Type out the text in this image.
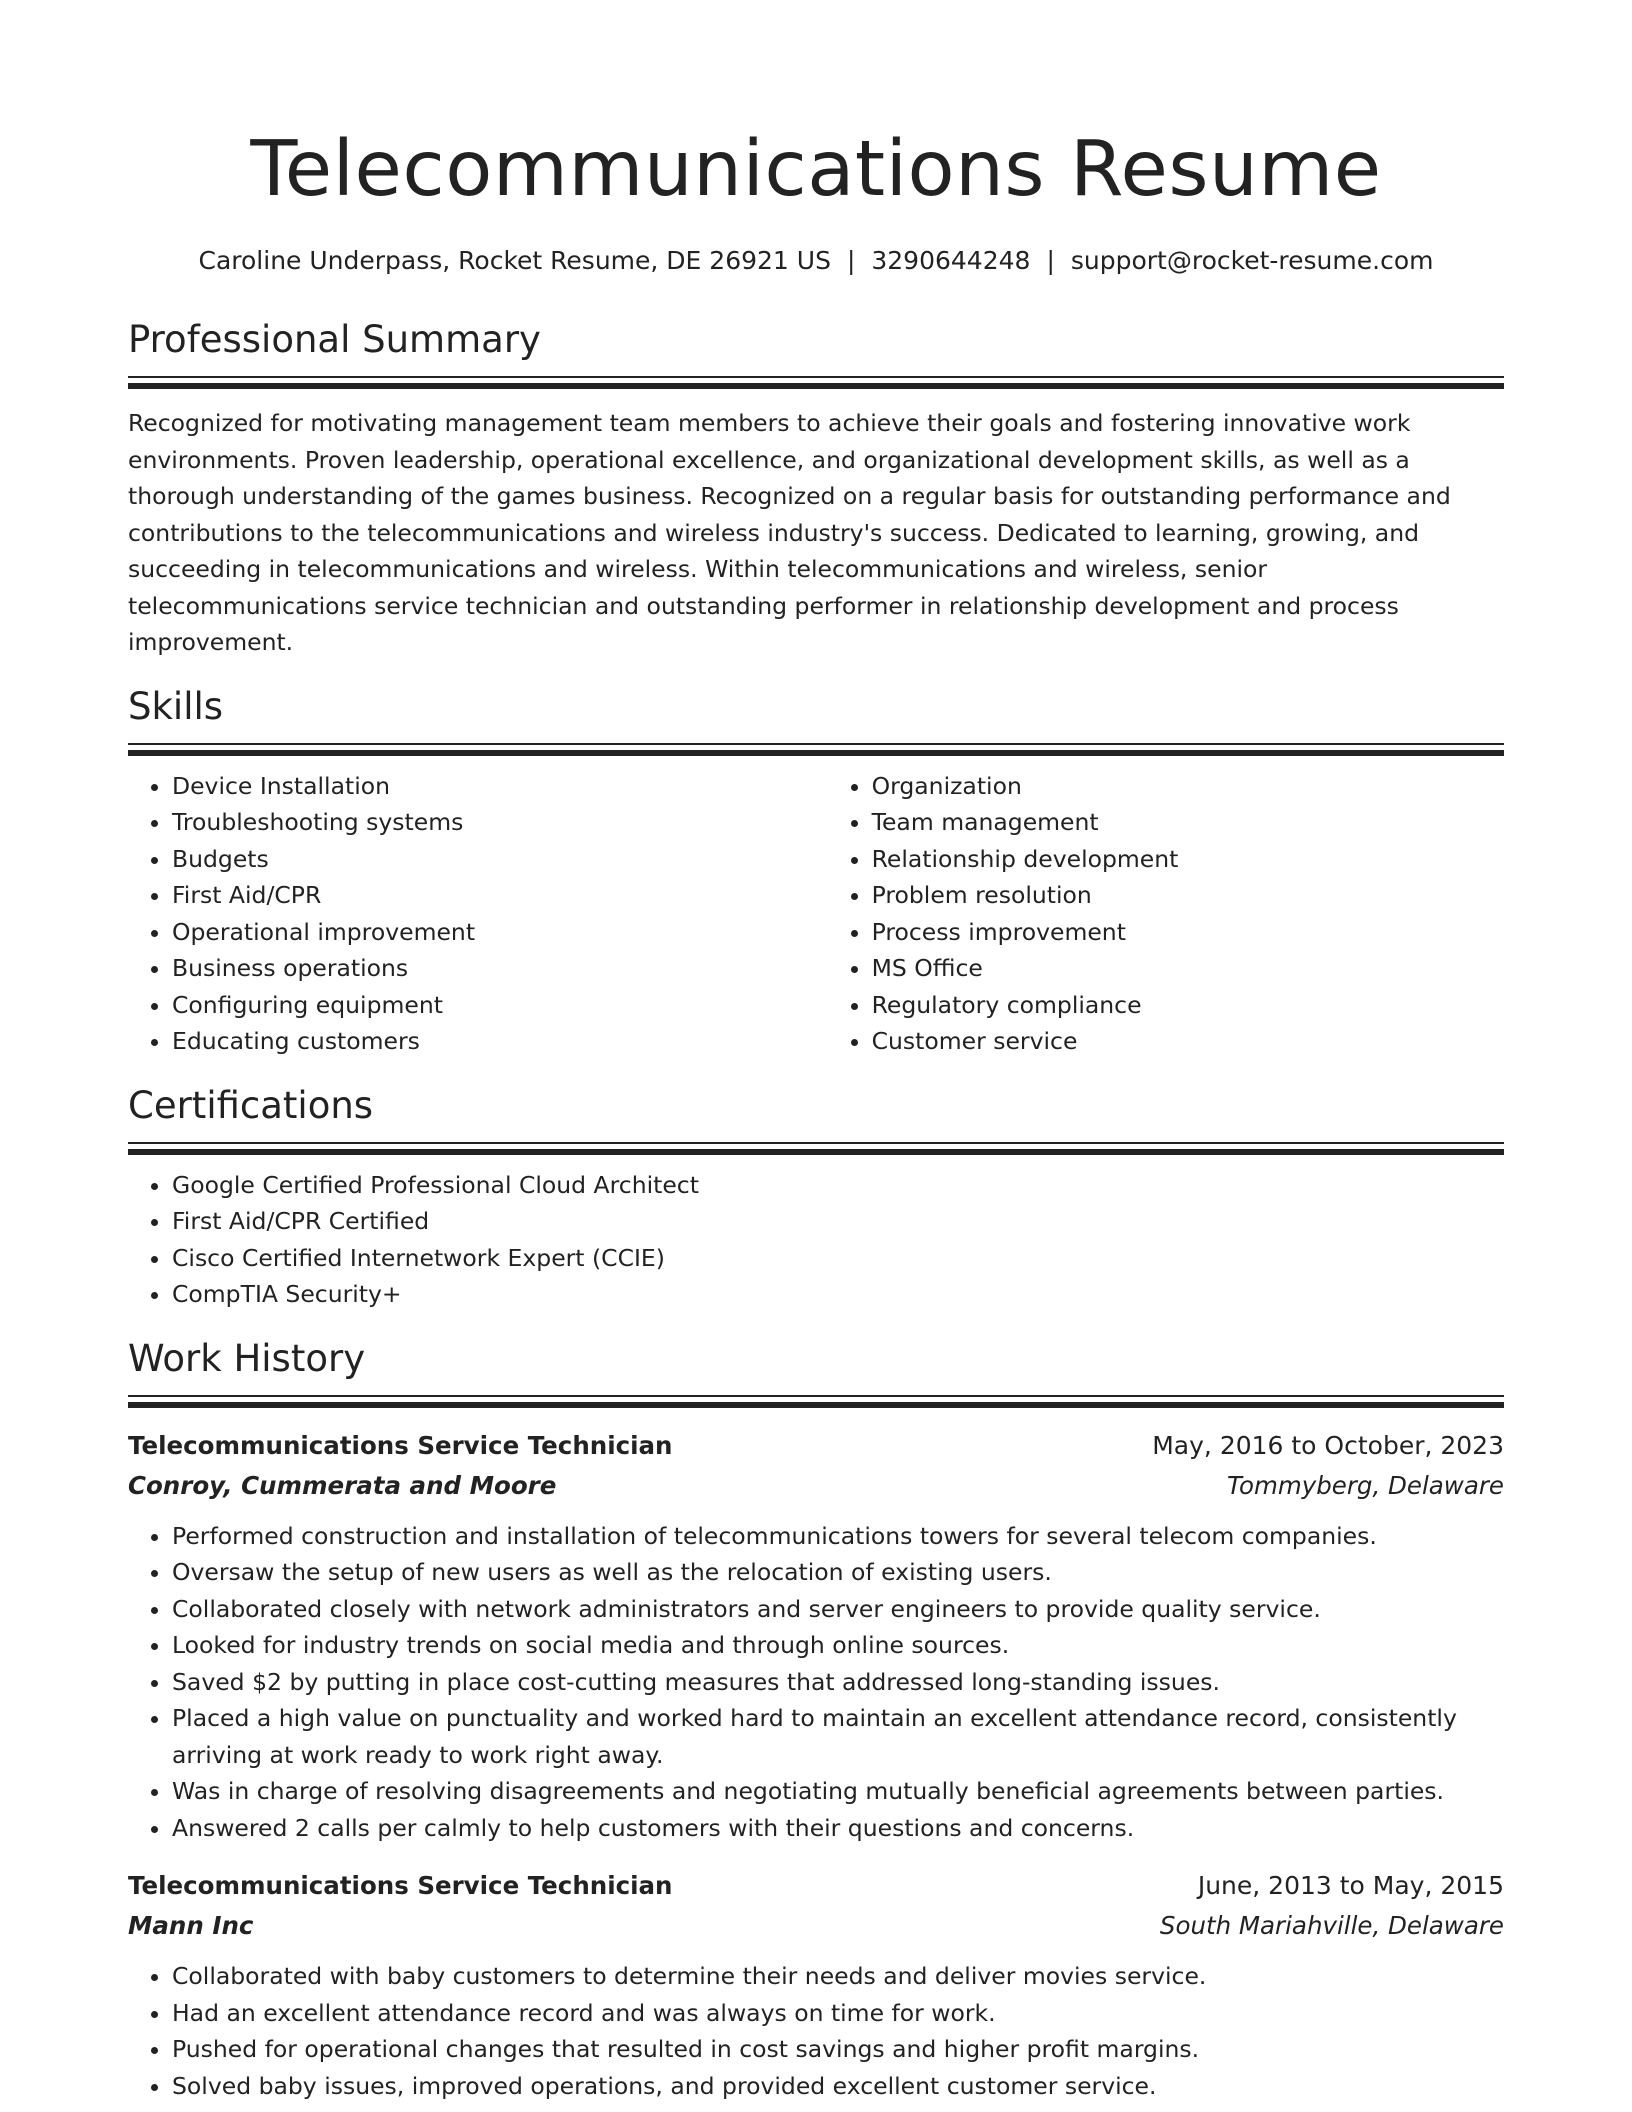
Telecommunications Resume
Caroline Underpass, Rocket Resume, DE 26921 US | 3290644248 | support@rocket-resume.com
Professional Summary

Recognized for motivating management team members to achieve their goals and fostering innovative work environments. Proven leadership, operational excellence, and organizational development skills, as well as a thorough understanding of the games business. Recognized on a regular basis for outstanding performance and contributions to the telecommunications and wireless industry's success. Dedicated to learning, growing, and succeeding in telecommunications and wireless. Within telecommunications and wireless, senior telecommunications service technician and outstanding performer in relationship development and process improvement.

Skills
• Device Installation
• Troubleshooting systems
• Budgets
• First Aid/CPR
• Operational improvement
• Business operations
• Configuring equipment
• Educating customers
• Organization
• Team management
• Relationship development
• Problem resolution
• Process improvement
• MS Office
• Regulatory compliance
• Customer service
Certifications
• Google Certified Professional Cloud Architect
• First Aid/CPR Certified
• Cisco Certified Internetwork Expert (CCIE)
• CompTIA Security+
Work History
Telecommunications Service Technician	May, 2016 to October, 2023
Conroy, Cummerata and Moore	Tommyberg, Delaware
• Performed construction and installation of telecommunications towers for several telecom companies.
• Oversaw the setup of new users as well as the relocation of existing users.
• Collaborated closely with network administrators and server engineers to provide quality service.
• Looked for industry trends on social media and through online sources.
• Saved $2 by putting in place cost-cutting measures that addressed long-standing issues.
• Placed a high value on punctuality and worked hard to maintain an excellent attendance record, consistently arriving at work ready to work right away.
• Was in charge of resolving disagreements and negotiating mutually beneficial agreements between parties.
• Answered 2 calls per calmly to help customers with their questions and concerns.
Telecommunications Service Technician	June, 2013 to May, 2015
Mann Inc	South Mariahville, Delaware
• Collaborated with baby customers to determine their needs and deliver movies service.
• Had an excellent attendance record and was always on time for work.
• Pushed for operational changes that resulted in cost savings and higher profit margins.
• Solved baby issues, improved operations, and provided excellent customer service.
